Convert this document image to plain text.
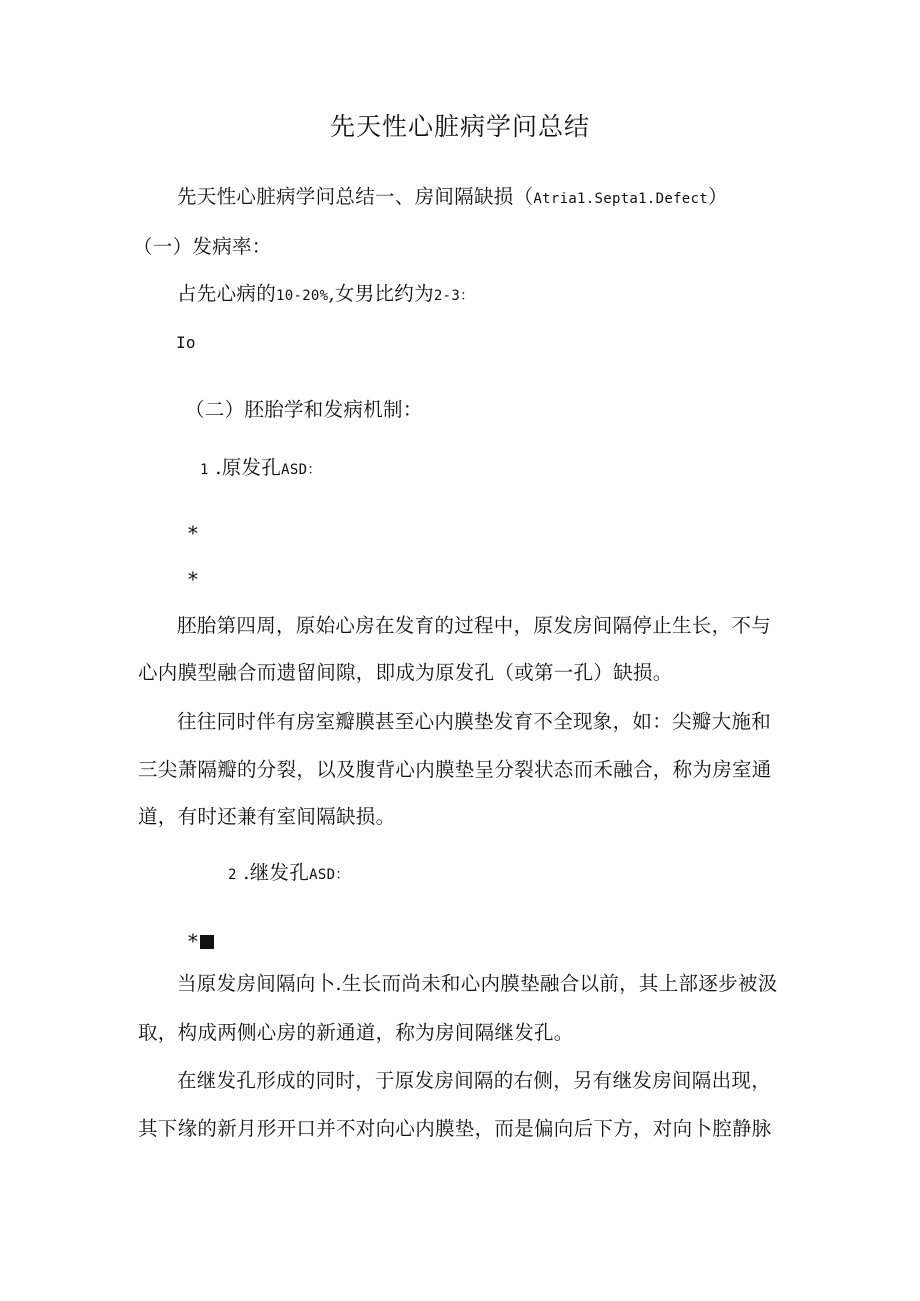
先天性心脏病学问总结
先天性心脏病学问总结一、房间隔缺损（Atria1.Septa1.Defect）
（一）发病率：
占先心病的10-20%,女男比约为2-3：
Io
（二）胚胎学和发病机制：
1 .原发孔ASD：
*
*
胚胎第四周，原始心房在发育的过程中，原发房间隔停止生长，不与
心内膜型融合而遗留间隙，即成为原发孔（或第一孔）缺损。
往往同时伴有房室瓣膜甚至心内膜垫发育不全现象，如：尖瓣大施和
三尖萧隔瓣的分裂，以及腹背心内膜垫呈分裂状态而禾融合，称为房室通
道，有时还兼有室间隔缺损。
2 .继发孔ASD：
*
当原发房间隔向卜.生长而尚未和心内膜垫融合以前，其上部逐步被汲
取，构成两侧心房的新通道，称为房间隔继发孔。
在继发孔形成的同时，于原发房间隔的右侧，另有继发房间隔出现，
其下缘的新月形开口并不对向心内膜垫，而是偏向后下方，对向卜腔静脉
